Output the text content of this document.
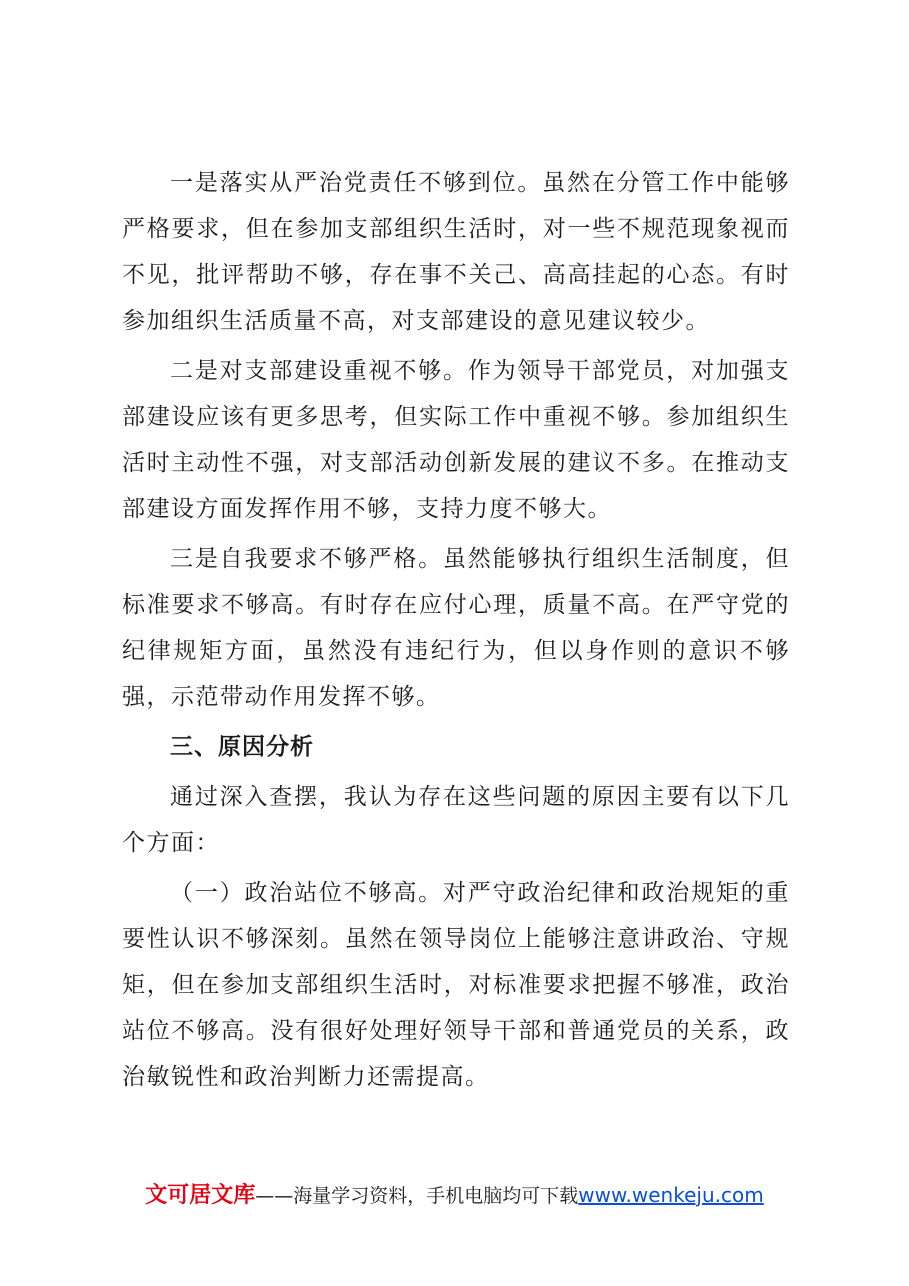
一是落实从严治党责任不够到位。虽然在分管工作中能够严格要求，但在参加支部组织生活时，对一些不规范现象视而不见，批评帮助不够，存在事不关己、高高挂起的心态。有时参加组织生活质量不高，对支部建设的意见建议较少。

二是对支部建设重视不够。作为领导干部党员，对加强支部建设应该有更多思考，但实际工作中重视不够。参加组织生活时主动性不强，对支部活动创新发展的建议不多。在推动支部建设方面发挥作用不够，支持力度不够大。

三是自我要求不够严格。虽然能够执行组织生活制度，但标准要求不够高。有时存在应付心理，质量不高。在严守党的纪律规矩方面，虽然没有违纪行为，但以身作则的意识不够强，示范带动作用发挥不够。

三、原因分析

通过深入查摆，我认为存在这些问题的原因主要有以下几个方面：

（一）政治站位不够高。对严守政治纪律和政治规矩的重要性认识不够深刻。虽然在领导岗位上能够注意讲政治、守规矩，但在参加支部组织生活时，对标准要求把握不够准，政治站位不够高。没有很好处理好领导干部和普通党员的关系，政治敏锐性和政治判断力还需提高。

文可居文库——海量学习资料，手机电脑均可下载www.wenkeju.com
